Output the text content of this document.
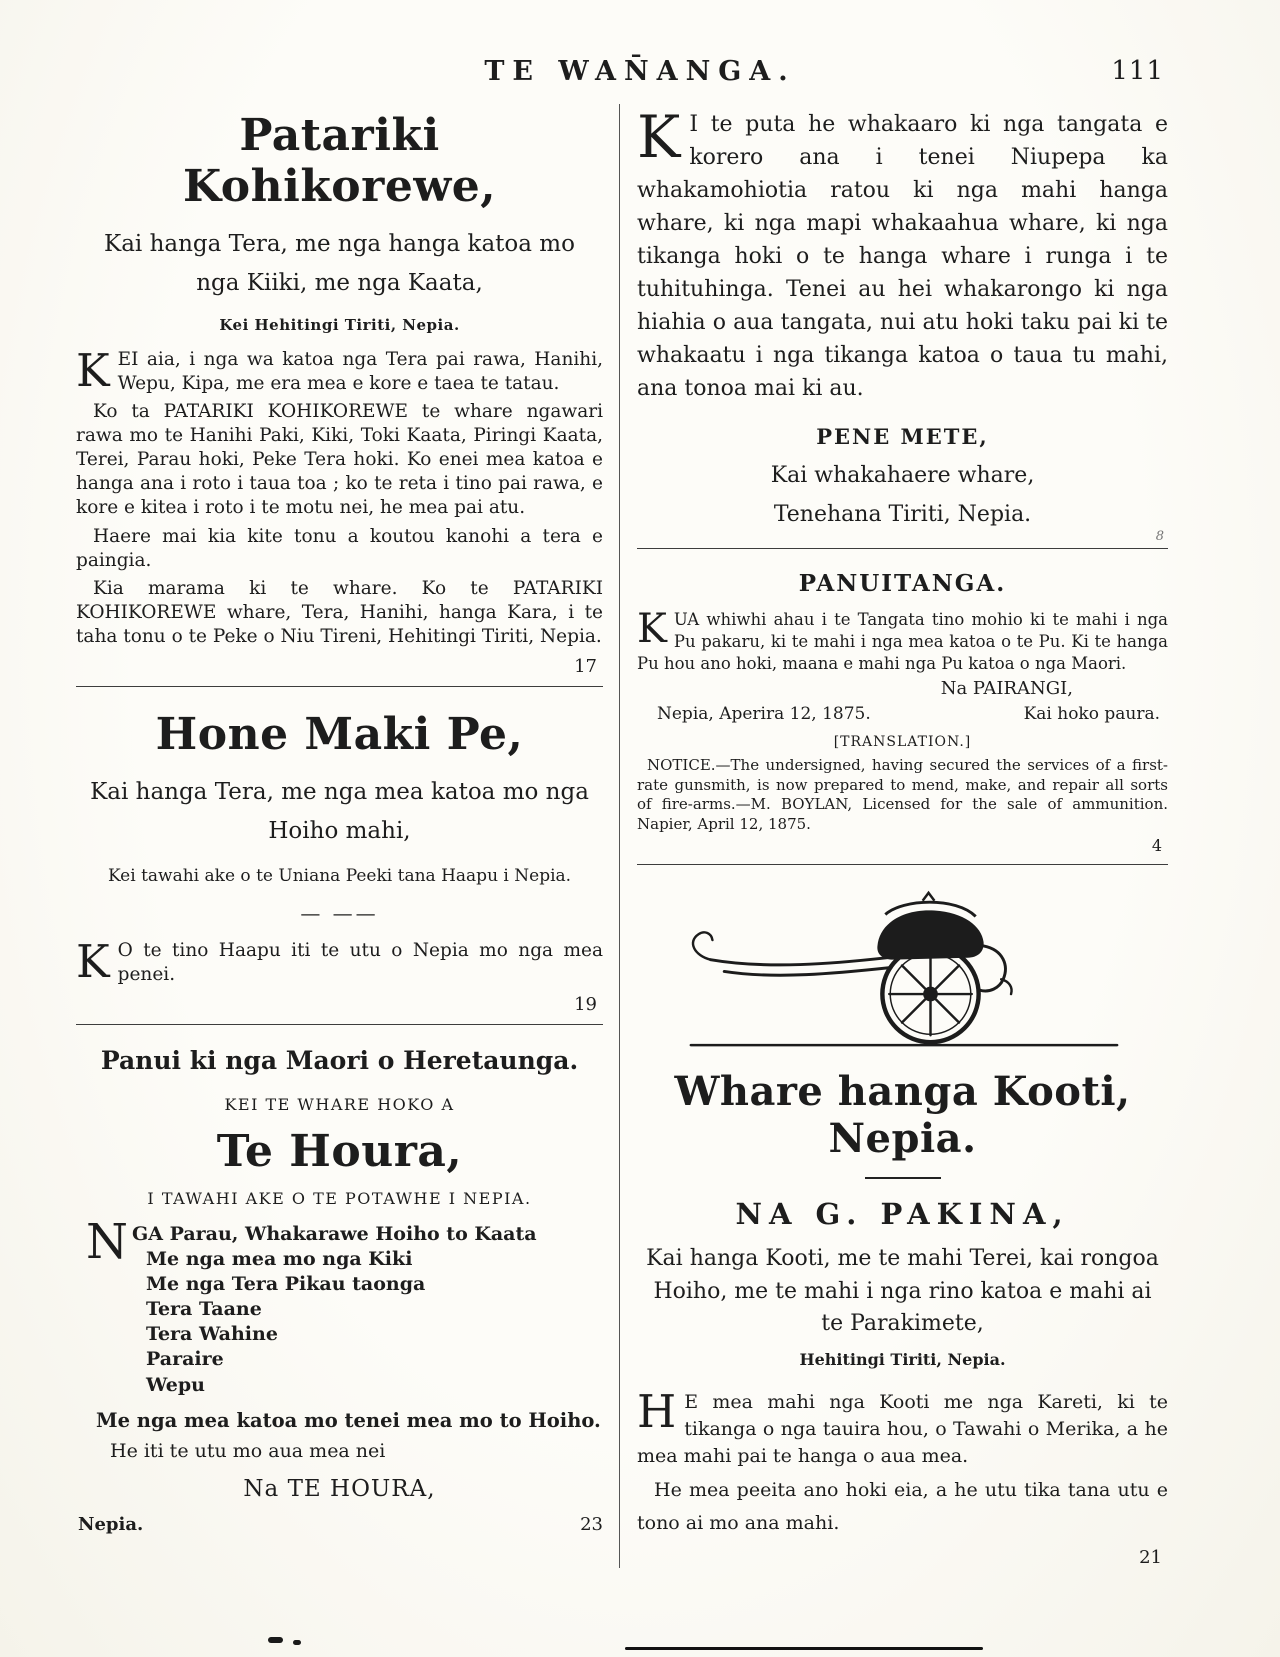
TE WAN̄ANGA.	111
Patariki Kohikorewe,

Kai hanga Tera, me nga hanga katoa mo nga Kiiki, me nga Kaata,

Kei Hehitingi Tiriti, Nepia.

KEI aia, i nga wa katoa nga Tera pai rawa, Hanihi, Wepu, Kipa, me era mea e kore e taea te tatau.

Ko ta PATARIKI KOHIKOREWE te whare ngawari rawa mo te Hanihi Paki, Kiki, Toki Kaata, Piringi Kaata, Terei, Parau hoki, Peke Tera hoki. Ko enei mea katoa e hanga ana i roto i taua toa ; ko te reta i tino pai rawa, e kore e kitea i roto i te motu nei, he mea pai atu.

Haere mai kia kite tonu a koutou kanohi a tera e paingia.

Kia marama ki te whare. Ko te PATARIKI KOHIKOREWE whare, Tera, Hanihi, hanga Kara, i te taha tonu o te Peke o Niu Tireni, Hehitingi Tiriti, Nepia.

17
Hone Maki Pe,

Kai hanga Tera, me nga mea katoa mo nga Hoiho mahi,

Kei tawahi ake o te Uniana Peeki tana Haapu i Nepia.

— ——

K O te tino Haapu iti te utu o Nepia mo nga mea penei.

19
Panui ki nga Maori o Heretaunga.

KEI TE WHARE HOKO A

Te Houra,

I TAWAHI AKE O TE POTAWHE I NEPIA.

N GA Parau, Whakarawe Hoiho to Kaata
Me nga mea mo nga Kiki
Me nga Tera Pikau taonga
Tera Taane
Tera Wahine
Paraire
Wepu

Me nga mea katoa mo tenei mea mo to Hoiho.

He iti te utu mo aua mea nei

Na TE HOURA,

Nepia.	23

K I te puta he whakaaro ki nga tangata e korero ana i tenei Niupepa ka whakamohiotia ratou ki nga mahi hanga whare, ki nga mapi whakaahua whare, ki nga tikanga hoki o te hanga whare i runga i te tuhituhinga. Tenei au hei whakarongo ki nga hiahia o aua tangata, nui atu hoki taku pai ki te whakaatu i nga tikanga katoa o taua tu mahi, ana tonoa mai ki au.

PENE METE,

Kai whakahaere whare,

Tenehana Tiriti, Nepia.

8
PANUITANGA.

KUA whiwhi ahau i te Tangata tino mohio ki te mahi i nga Pu pakaru, ki te mahi i nga mea katoa o te Pu. Ki te hanga Pu hou ano hoki, maana e mahi nga Pu katoa o nga Maori.

Na PAIRANGI,

Nepia, Aperira 12, 1875.	Kai hoko paura.

[TRANSLATION.]

NOTICE.—The undersigned, having secured the services of a first-rate gunsmith, is now prepared to mend, make, and repair all sorts of fire-arms.—M. BOYLAN, Licensed for the sale of ammunition. Napier, April 12, 1875.

4
Whare hanga Kooti, Nepia.

NA G. PAKINA,

Kai hanga Kooti, me te mahi Terei, kai rongoa Hoiho, me te mahi i nga rino katoa e mahi ai te Parakimete,

Hehitingi Tiriti, Nepia.

H E mea mahi nga Kooti me nga Kareti, ki te tikanga o nga tauira hou, o Tawahi o Merika, a he mea mahi pai te hanga o aua mea.

He mea peeita ano hoki eia, a he utu tika tana utu e tono ai mo ana mahi.

21
